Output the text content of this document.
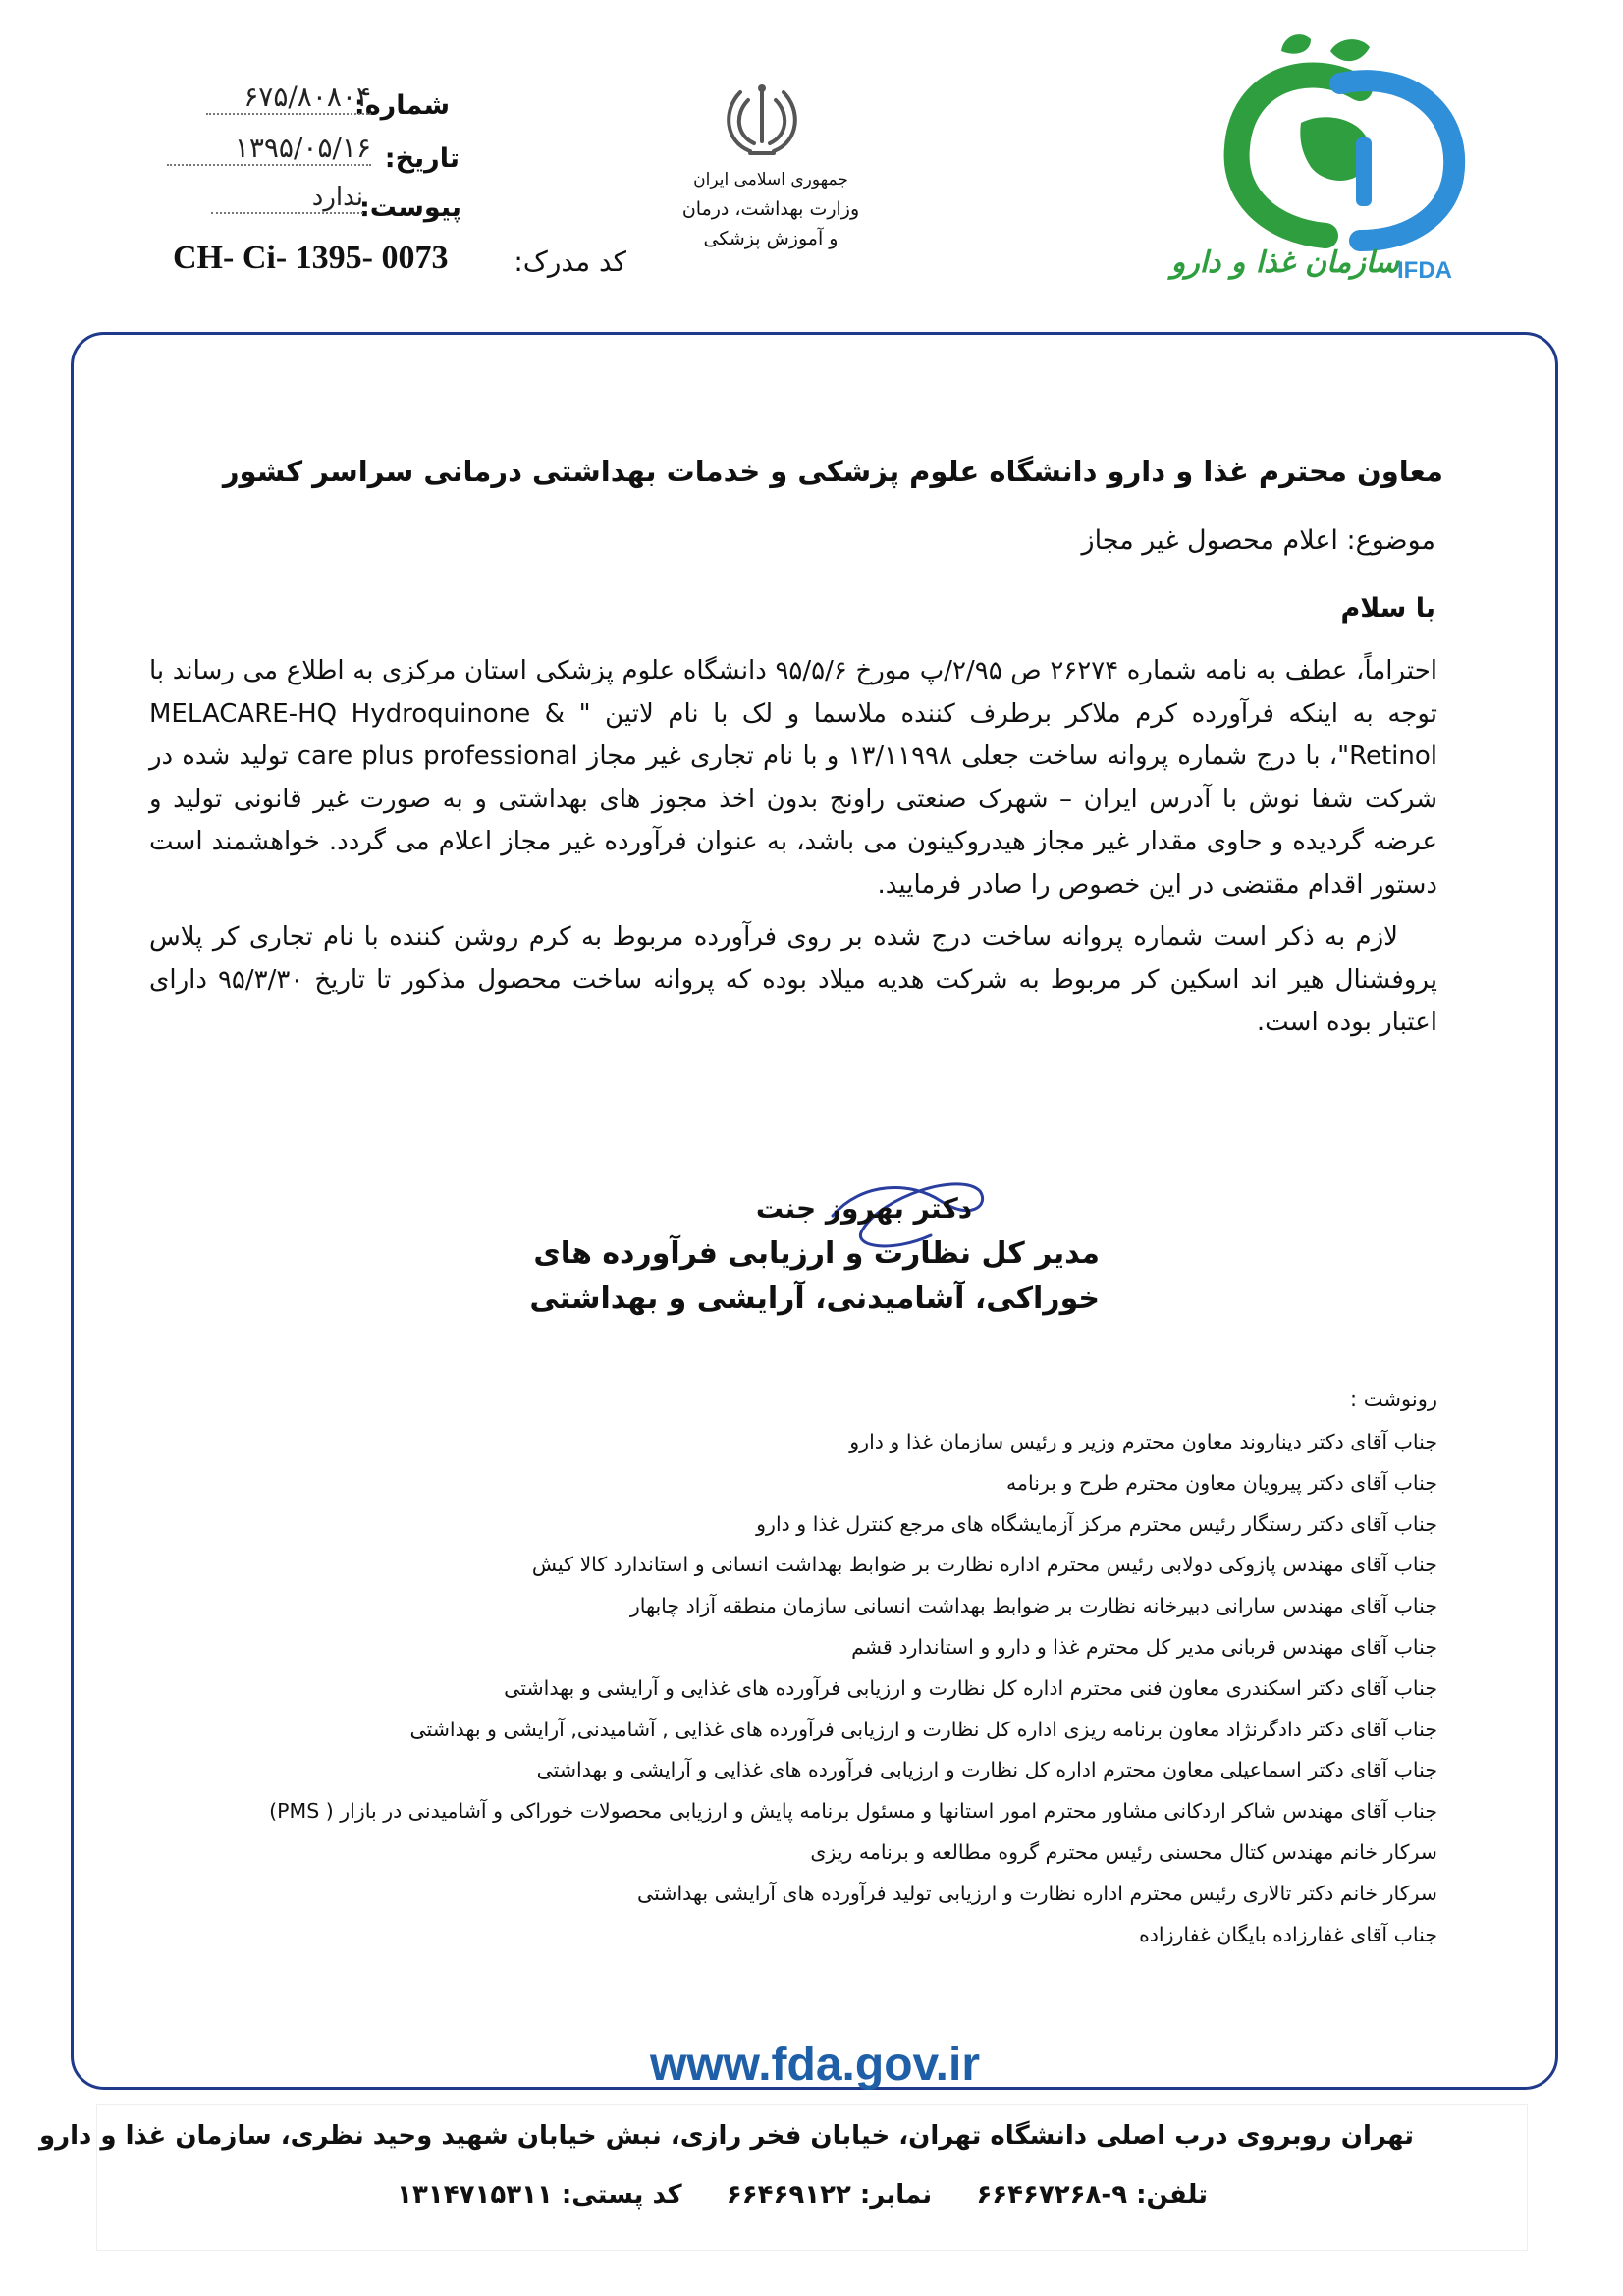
شماره:
۶۷۵/۸۰۸۰۴
تاریخ:
۱۳۹۵/۰۵/۱۶
پیوست:
ندارد
کد مدرک:
CH- Ci- 1395- 0073
جمهوری اسلامی ایران
وزارت بهداشت، درمان
و آموزش پزشکی
سازمان غذا و دارو
IFDA
معاون محترم غذا و دارو دانشگاه علوم پزشکی و خدمات بهداشتی درمانی سراسر کشور
موضوع: اعلام محصول غیر مجاز
با سلام

احتراماً، عطف به نامه شماره ۲۶۲۷۴ ص ۲/۹۵/پ مورخ ۹۵/۵/۶ دانشگاه علوم پزشکی استان مرکزی به اطلاع می رساند با توجه به اینکه فرآورده کرم ملاکر برطرف کننده ملاسما و لک با نام لاتین " MELACARE-HQ Hydroquinone & Retinol"، با درج شماره پروانه ساخت جعلی ۱۳/۱۱۹۹۸ و با نام تجاری غیر مجاز care plus professional تولید شده در شرکت شفا نوش با آدرس ایران – شهرک صنعتی راونج بدون اخذ مجوز های بهداشتی و به صورت غیر قانونی تولید و عرضه گردیده و حاوی مقدار غیر مجاز هیدروکینون می باشد، به عنوان فرآورده غیر مجاز اعلام می گردد. خواهشمند است دستور اقدام مقتضی در این خصوص را صادر فرمایید.

لازم به ذکر است شماره پروانه ساخت درج شده بر روی فرآورده مربوط به کرم روشن کننده با نام تجاری کر پلاس پروفشنال هیر اند اسکین کر مربوط به شرکت هدیه میلاد بوده که پروانه ساخت محصول مذکور تا تاریخ ۹۵/۳/۳۰ دارای اعتبار بوده است.

دکتر بهروز جنت
مدیر کل نظارت و ارزیابی فرآورده های
خوراکی، آشامیدنی، آرایشی و بهداشتی
رونوشت :
جناب آقای دکتر دیناروند معاون محترم وزیر و رئیس سازمان غذا و دارو
جناب آقای دکتر پیرویان معاون محترم طرح و برنامه
جناب آقای دکتر رستگار رئیس محترم مرکز آزمایشگاه های مرجع کنترل غذا و دارو
جناب آقای مهندس پازوکی دولابی رئیس محترم اداره نظارت بر ضوابط بهداشت انسانی و استاندارد کالا کیش
جناب آقای مهندس سارانی دبیرخانه نظارت بر ضوابط بهداشت انسانی سازمان منطقه آزاد چابهار
جناب آقای مهندس قربانی مدیر کل محترم غذا و دارو و استاندارد قشم
جناب آقای دکتر اسکندری معاون فنی محترم اداره کل نظارت و ارزیابی فرآورده های غذایی و آرایشی و بهداشتی
جناب آقای دکتر دادگرنژاد معاون برنامه ریزی اداره کل نظارت و ارزیابی فرآورده های غذایی , آشامیدنی, آرایشی و بهداشتی
جناب آقای دکتر اسماعیلی معاون محترم اداره کل نظارت و ارزیابی فرآورده های غذایی و آرایشی و بهداشتی
جناب آقای مهندس شاکر اردکانی مشاور محترم امور استانها و مسئول برنامه پایش و ارزیابی محصولات خوراکی و آشامیدنی در بازار ( PMS)
سرکار خانم مهندس کتال محسنی رئیس محترم گروه مطالعه و برنامه ریزی
سرکار خانم دکتر تالاری رئیس محترم اداره نظارت و ارزیابی تولید فرآورده های آرایشی بهداشتی
جناب آقای غفارزاده بایگان غفارزاده
www.fda.gov.ir
تهران روبروی درب اصلی دانشگاه تهران، خیابان فخر رازی، نبش خیابان شهید وحید نظری، سازمان غذا و دارو
تلفن: ۹-۶۶۴۶۷۲۶۸     نمابر: ۶۶۴۶۹۱۲۲     کد پستی: ۱۳۱۴۷۱۵۳۱۱
